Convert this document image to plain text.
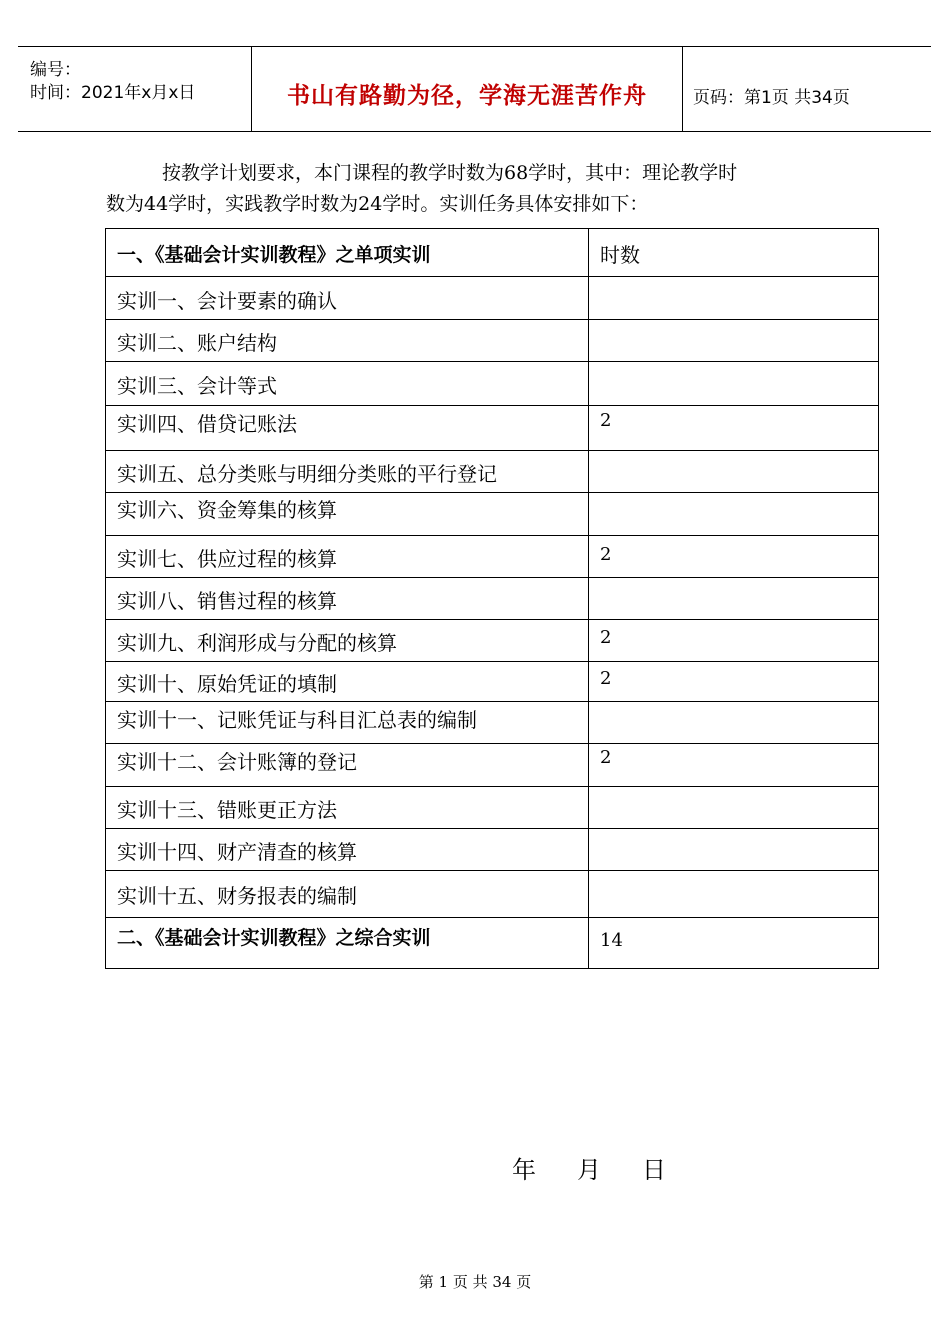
编号：
时间：2021年x月x日	书山有路勤为径，学海无涯苦作舟	页码：第1页 共34页
按教学计划要求，本门课程的教学时数为68学时，其中：理论教学时
数为44学时，实践教学时数为24学时。实训任务具体安排如下：
一、《基础会计实训教程》之单项实训	时数
实训一、会计要素的确认
实训二、账户结构
实训三、会计等式
实训四、借贷记账法	2
实训五、总分类账与明细分类账的平行登记
实训六、资金筹集的核算
实训七、供应过程的核算	2
实训八、销售过程的核算
实训九、利润形成与分配的核算	2
实训十、原始凭证的填制	2
实训十一、记账凭证与科目汇总表的编制
实训十二、会计账簿的登记	2
实训十三、错账更正方法
实训十四、财产清查的核算
实训十五、财务报表的编制
二、《基础会计实训教程》之综合实训	14
年 月 日
第 1 页 共 34 页
